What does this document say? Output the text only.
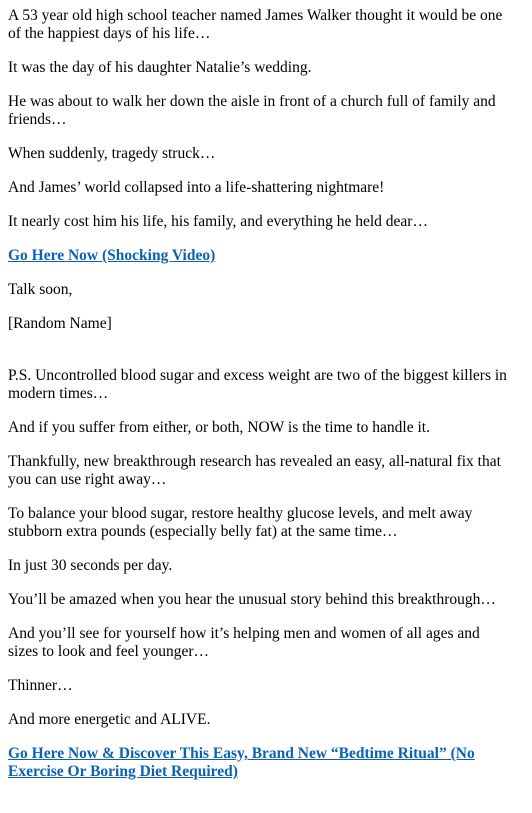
A 53 year old high school teacher named James Walker thought it would be one of the happiest days of his life…

It was the day of his daughter Natalie’s wedding.

He was about to walk her down the aisle in front of a church full of family and friends…

When suddenly, tragedy struck…

And James’ world collapsed into a life-shattering nightmare!

It nearly cost him his life, his family, and everything he held dear…

Go Here Now (Shocking Video)

Talk soon,

[Random Name]

P.S. Uncontrolled blood sugar and excess weight are two of the biggest killers in modern times…

And if you suffer from either, or both, NOW is the time to handle it.

Thankfully, new breakthrough research has revealed an easy, all-natural fix that you can use right away…

To balance your blood sugar, restore healthy glucose levels, and melt away stubborn extra pounds (especially belly fat) at the same time…

In just 30 seconds per day.

You’ll be amazed when you hear the unusual story behind this breakthrough…

And you’ll see for yourself how it’s helping men and women of all ages and sizes to look and feel younger…

Thinner…

And more energetic and ALIVE.

Go Here Now & Discover This Easy, Brand New “Bedtime Ritual” (No Exercise Or Boring Diet Required)
